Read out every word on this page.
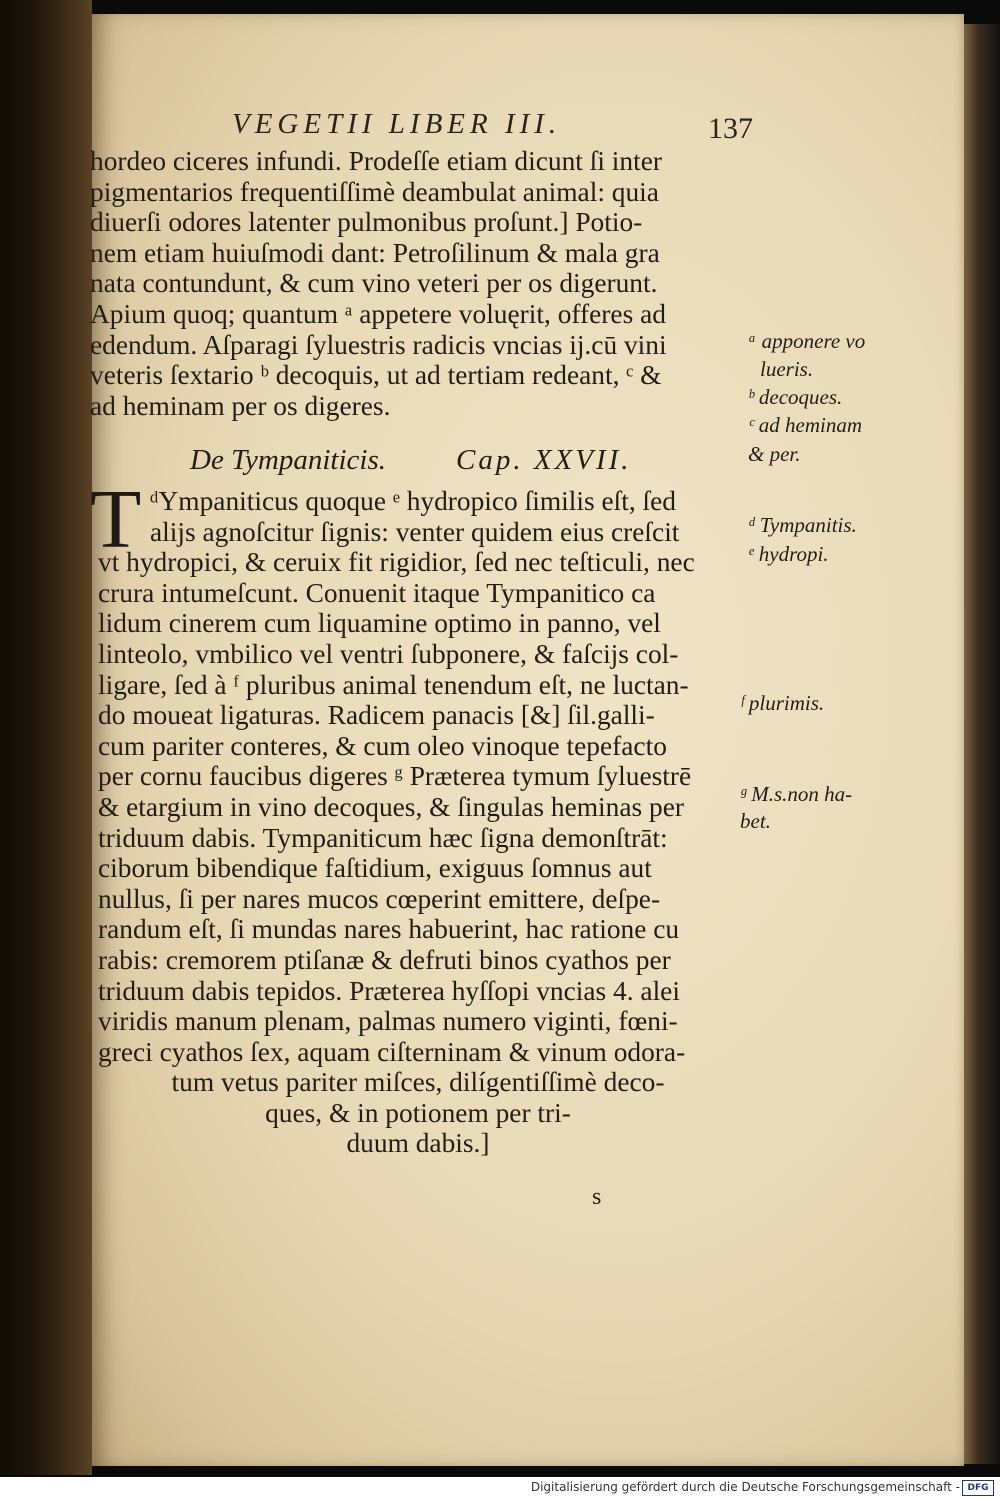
VEGETII LIBER III.	137
hordeo ciceres infundi. Prodeſſe etiam dicunt ſi inter
pigmentarios frequentiſſimè deambulat animal: quia
diuerſi odores latenter pulmonibus proſunt.] Potio-
nem etiam huiuſmodi dant: Petroſilinum & mala gra
nata contundunt, & cum vino veteri per os digerunt.
Apium quoq; quantum ᵃ appetere voluęrit, offeres ad
edendum. Aſparagi ſyluestris radicis vncias ij.cū vini
veteris ſextario ᵇ decoquis, ut ad tertiam redeant, ᶜ &
ad heminam per os digeres.
De Tympaniticis. Cap. XXVII.
T ᵈYmpaniticus quoque ᵉ hydropico ſimilis eſt, ſed
alijs agnoſcitur ſignis: venter quidem eius creſcit
vt hydropici, & ceruix fit rigidior, ſed nec teſticuli, nec
crura intumeſcunt. Conuenit itaque Tympanitico ca
lidum cinerem cum liquamine optimo in panno, vel
linteolo, vmbilico vel ventri ſubponere, & faſcijs col-
ligare, ſed à ᶠ pluribus animal tenendum eſt, ne luctan-
do moueat ligaturas. Radicem panacis [&] ſil.galli-
cum pariter conteres, & cum oleo vinoque tepefacto
per cornu faucibus digeres ᵍ Præterea tymum ſyluestrē
& etargium in vino decoques, & ſingulas heminas per
triduum dabis. Tympaniticum hæc ſigna demonſtrāt:
ciborum bibendique faſtidium, exiguus ſomnus aut
nullus, ſi per nares mucos cœperint emittere, deſpe-
randum eſt, ſi mundas nares habuerint, hac ratione cu
rabis: cremorem ptiſanæ & defruti binos cyathos per
triduum dabis tepidos. Præterea hyſſopi vncias 4. alei
viridis manum plenam, palmas numero viginti, fœni-
greci cyathos ſex, aquam ciſterninam & vinum odora-
tum vetus pariter miſces, dilígentiſſimè deco-
ques, & in potionem per tri-
duum dabis.]
ᵃ apponere vo
lueris.
ᵇ decoques.
ᶜ ad heminam
& per.
ᵈ Tympanitis.
ᵉ hydropi.
ᶠ plurimis.
ᵍ M.s.non ha-
bet.
s
Digitalisierung gefördert durch die Deutsche Forschungsgemeinschaft - DFG
